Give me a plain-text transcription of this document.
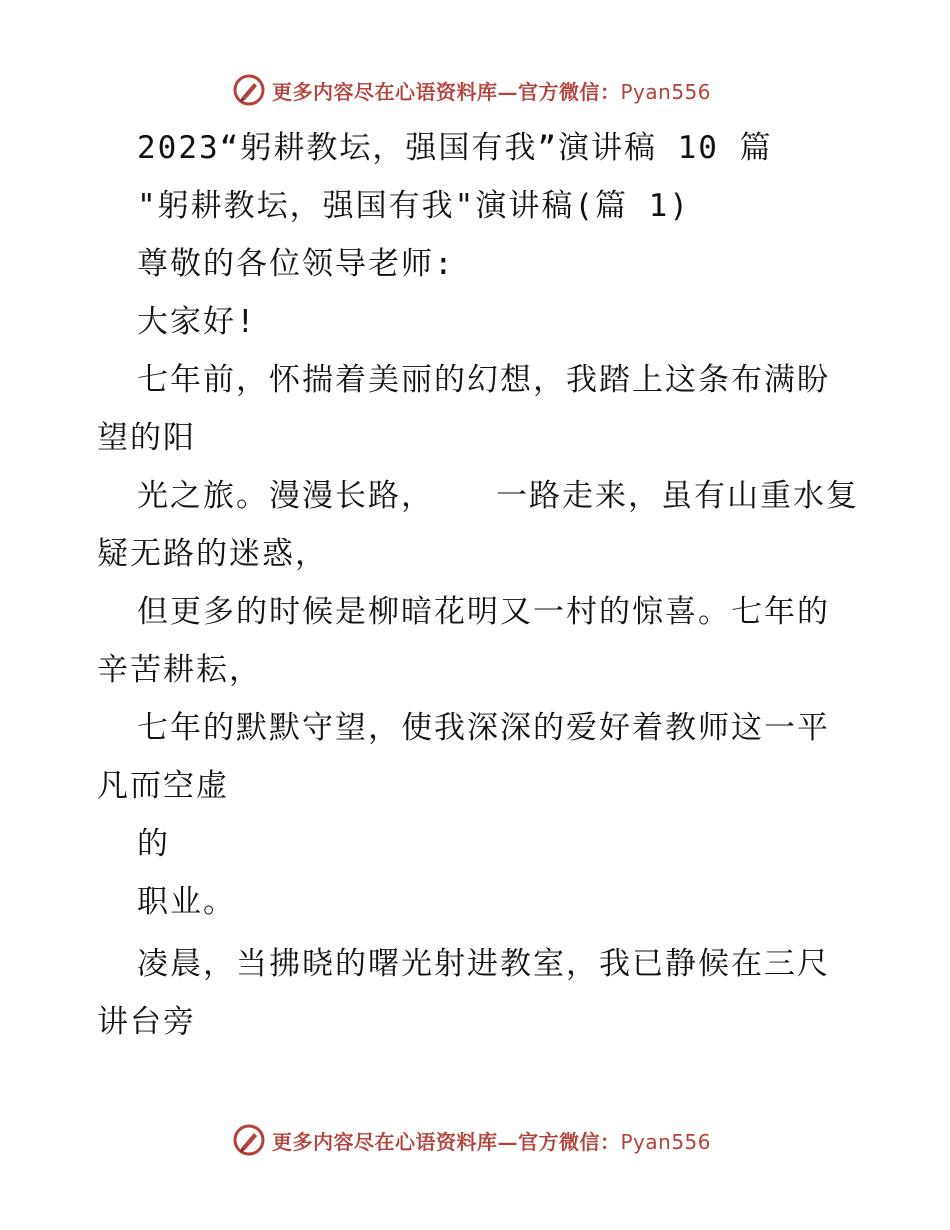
更多内容尽在心语资料库—官方微信：Pyan556
2023“躬耕教坛，强国有我”演讲稿 10 篇
"躬耕教坛，强国有我"演讲稿(篇 1)
尊敬的各位领导老师:
大家好!
七年前，怀揣着美丽的幻想，我踏上这条布满盼
望的阳
光之旅。漫漫长路，   一路走来，虽有山重水复
疑无路的迷惑，
但更多的时候是柳暗花明又一村的惊喜。七年的
辛苦耕耘，
七年的默默守望，使我深深的爱好着教师这一平
凡而空虚
的
职业。
凌晨，当拂晓的曙光射进教室，我已静候在三尺
讲台旁
更多内容尽在心语资料库—官方微信：Pyan556
